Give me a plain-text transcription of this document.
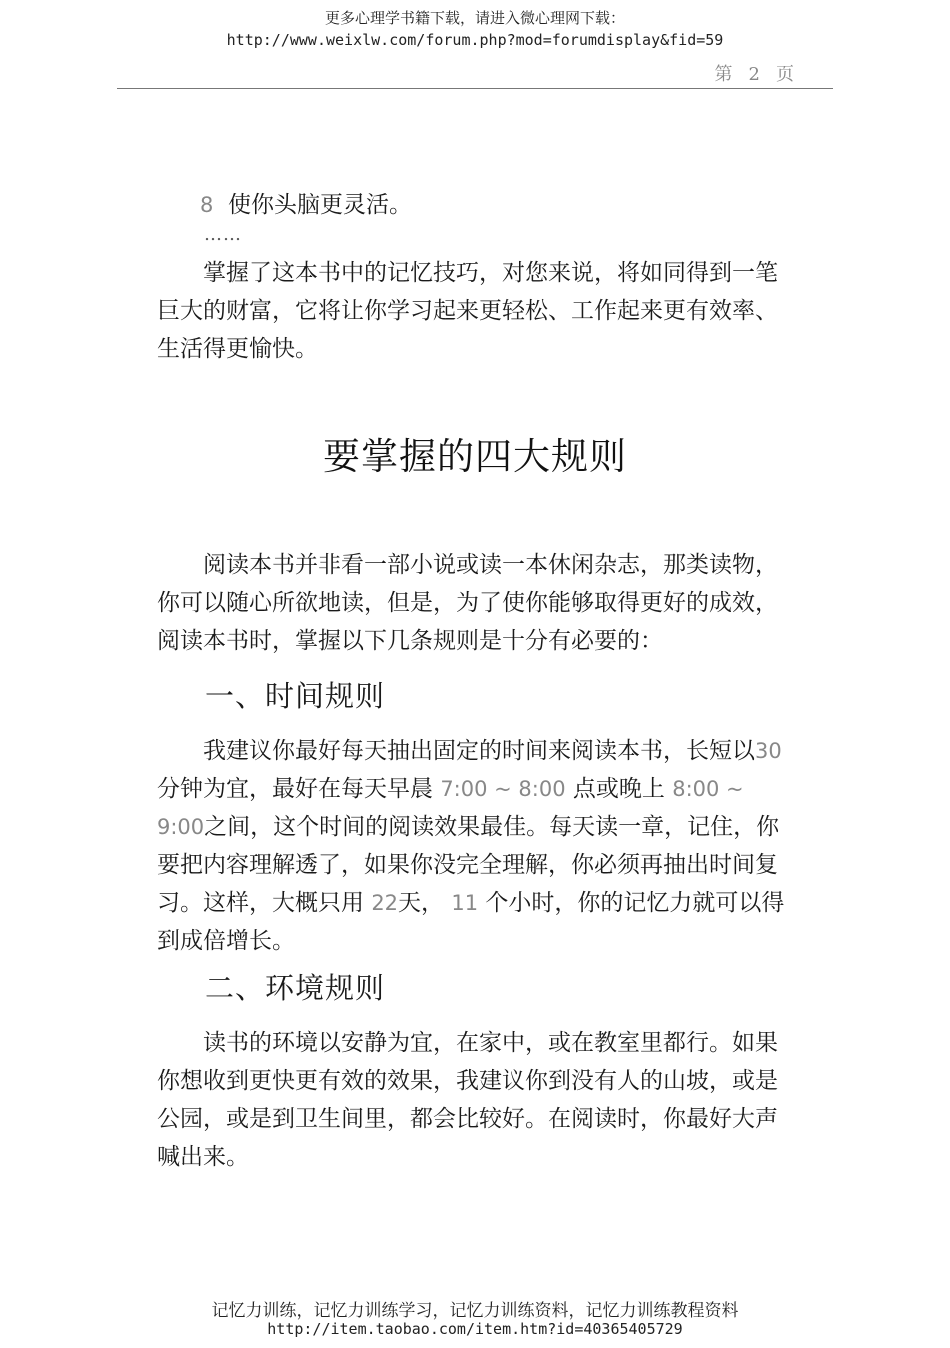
更多心理学书籍下载，请进入微心理网下载：
http://www.weixlw.com/forum.php?mod=forumdisplay&fid=59
第 2 页
8 使你头脑更灵活。
……
掌握了这本书中的记忆技巧，对您来说，将如同得到一笔巨大的财富，它将让你学习起来更轻松、工作起来更有效率、生活得更愉快。
要掌握的四大规则
阅读本书并非看一部小说或读一本休闲杂志，那类读物，你可以随心所欲地读，但是，为了使你能够取得更好的成效，阅读本书时，掌握以下几条规则是十分有必要的：
一、时间规则
我建议你最好每天抽出固定的时间来阅读本书，长短以30分钟为宜，最好在每天早晨 7:00 ~ 8:00 点或晚上 8:00 ~ 9:00之间，这个时间的阅读效果最佳。每天读一章，记住，你要把内容理解透了，如果你没完全理解，你必须再抽出时间复习。这样，大概只用 22天， 11 个小时，你的记忆力就可以得到成倍增长。
二、环境规则
读书的环境以安静为宜，在家中，或在教室里都行。如果你想收到更快更有效的效果，我建议你到没有人的山坡，或是公园，或是到卫生间里，都会比较好。在阅读时，你最好大声喊出来。
记忆力训练，记忆力训练学习，记忆力训练资料，记忆力训练教程资料
http://item.taobao.com/item.htm?id=40365405729
